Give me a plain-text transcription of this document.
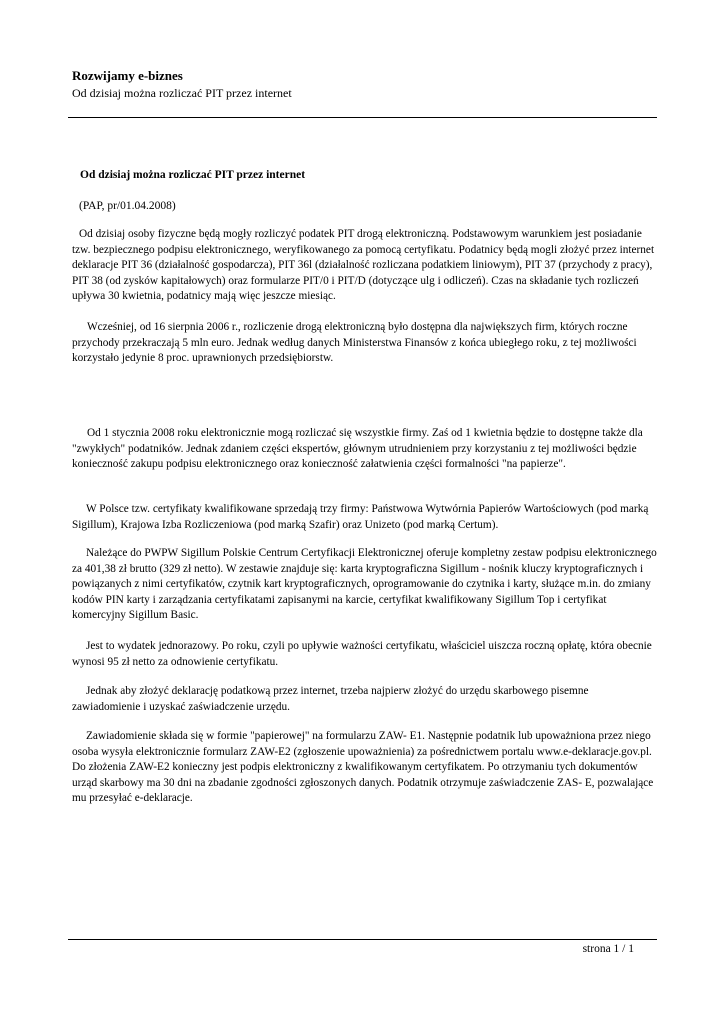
Rozwijamy e-biznes
Od dzisiaj można rozliczać PIT przez internet
Od dzisiaj można rozliczać PIT przez internet
(PAP, pr/01.04.2008)

Od dzisiaj osoby fizyczne będą mogły rozliczyć podatek PIT drogą elektroniczną. Podstawowym warunkiem jest posiadanie tzw. bezpiecznego podpisu elektronicznego, weryfikowanego za pomocą certyfikatu. Podatnicy będą mogli złożyć przez internet deklaracje PIT 36 (działalność gospodarcza), PIT 36l (działalność rozliczana podatkiem liniowym), PIT 37 (przychody z pracy), PIT 38 (od zysków kapitałowych) oraz formularze PIT/0 i PIT/D (dotyczące ulg i odliczeń). Czas na składanie tych rozliczeń upływa 30 kwietnia, podatnicy mają więc jeszcze miesiąc.

Wcześniej, od 16 sierpnia 2006 r., rozliczenie drogą elektroniczną było dostępna dla największych firm, których roczne przychody przekraczają 5 mln euro. Jednak według danych Ministerstwa Finansów z końca ubiegłego roku, z tej możliwości korzystało jedynie 8 proc. uprawnionych przedsiębiorstw.

Od 1 stycznia 2008 roku elektronicznie mogą rozliczać się wszystkie firmy. Zaś od 1 kwietnia będzie to dostępne także dla "zwykłych" podatników. Jednak zdaniem części ekspertów, głównym utrudnieniem przy korzystaniu z tej możliwości będzie konieczność zakupu podpisu elektronicznego oraz konieczność załatwienia części formalności "na papierze".

W Polsce tzw. certyfikaty kwalifikowane sprzedają trzy firmy: Państwowa Wytwórnia Papierów Wartościowych (pod marką Sigillum), Krajowa Izba Rozliczeniowa (pod marką Szafir) oraz Unizeto (pod marką Certum).

Należące do PWPW Sigillum Polskie Centrum Certyfikacji Elektronicznej oferuje kompletny zestaw podpisu elektronicznego za 401,38 zł brutto (329 zł netto). W zestawie znajduje się: karta kryptograficzna Sigillum - nośnik kluczy kryptograficznych i powiązanych z nimi certyfikatów, czytnik kart kryptograficznych, oprogramowanie do czytnika i karty, służące m.in. do zmiany kodów PIN karty i zarządzania certyfikatami zapisanymi na karcie, certyfikat kwalifikowany Sigillum Top i certyfikat komercyjny Sigillum Basic.

Jest to wydatek jednorazowy. Po roku, czyli po upływie ważności certyfikatu, właściciel uiszcza roczną opłatę, która obecnie wynosi 95 zł netto za odnowienie certyfikatu.

Jednak aby złożyć deklarację podatkową przez internet, trzeba najpierw złożyć do urzędu skarbowego pisemne zawiadomienie i uzyskać zaświadczenie urzędu.

Zawiadomienie składa się w formie "papierowej" na formularzu ZAW- E1. Następnie podatnik lub upoważniona przez niego osoba wysyła elektronicznie formularz ZAW-E2 (zgłoszenie upoważnienia) za pośrednictwem portalu www.e-deklaracje.gov.pl. Do złożenia ZAW-E2 konieczny jest podpis elektroniczny z kwalifikowanym certyfikatem. Po otrzymaniu tych dokumentów urząd skarbowy ma 30 dni na zbadanie zgodności zgłoszonych danych. Podatnik otrzymuje zaświadczenie ZAS- E, pozwalające mu przesyłać e-deklaracje.

strona 1 / 1
